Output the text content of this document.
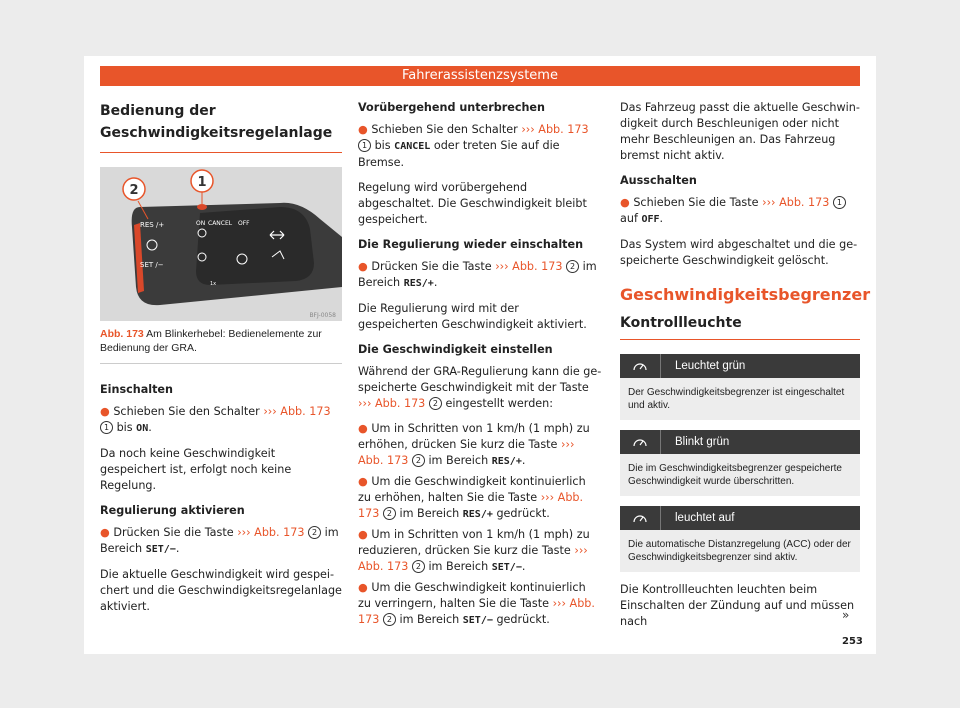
Fahrerassistenzsysteme
Bedienung der Geschwindigkeitsregelanlage
RES /+
SET /−
ON CANCEL OFF
1x
2
1
BFJ-0058
Abb. 173 Am Blinkerhebel: Bedienelemente zur Bedienung der GRA.
Einschalten

● Schieben Sie den Schalter ››› Abb. 173 1 bis ON.

Da noch keine Geschwindigkeit gespeichert ist, erfolgt noch keine Regelung.

Regulierung aktivieren

● Drücken Sie die Taste ››› Abb. 173 2 im Bereich SET/−.

Die aktuelle Geschwindigkeit wird gespeichert und die Geschwindigkeitsregelanlage aktiviert.

Vorübergehend unterbrechen

● Schieben Sie den Schalter ››› Abb. 173 1 bis CANCEL oder treten Sie auf die Bremse.

Regelung wird vorübergehend abgeschaltet. Die Geschwindigkeit bleibt gespeichert.

Die Regulierung wieder einschalten

● Drücken Sie die Taste ››› Abb. 173 2 im Bereich RES/+.

Die Regulierung wird mit der gespeicherten Geschwindigkeit aktiviert.

Die Geschwindigkeit einstellen

Während der GRA-Regulierung kann die gespeicherte Geschwindigkeit mit der Taste ››› Abb. 173 2 eingestellt werden:

● Um in Schritten von 1 km/h (1 mph) zu erhöhen, drücken Sie kurz die Taste ››› Abb. 173 2 im Bereich RES/+.

● Um die Geschwindigkeit kontinuierlich zu erhöhen, halten Sie die Taste ››› Abb. 173 2 im Bereich RES/+ gedrückt.

● Um in Schritten von 1 km/h (1 mph) zu reduzieren, drücken Sie kurz die Taste ››› Abb. 173 2 im Bereich SET/−.

● Um die Geschwindigkeit kontinuierlich zu verringern, halten Sie die Taste ››› Abb. 173 2 im Bereich SET/− gedrückt.

Das Fahrzeug passt die aktuelle Geschwindigkeit durch Beschleunigen oder nicht mehr Beschleunigen an. Das Fahrzeug bremst nicht aktiv.

Ausschalten

● Schieben Sie die Taste ››› Abb. 173 1 auf OFF.

Das System wird abgeschaltet und die gespeicherte Geschwindigkeit gelöscht.

Geschwindigkeitsbegrenzer
Kontrollleuchte
Leuchtet grün
Der Geschwindigkeitsbegrenzer ist eingeschaltet und aktiv.
Blinkt grün
Die im Geschwindigkeitsbegrenzer gespeicherte Geschwindigkeit wurde überschritten.
leuchtet auf
Die automatische Distanzregelung (ACC) oder der Geschwindigkeitsbegrenzer sind aktiv.

Die Kontrollleuchten leuchten beim Einschalten der Zündung auf und müssen nach	»
253
